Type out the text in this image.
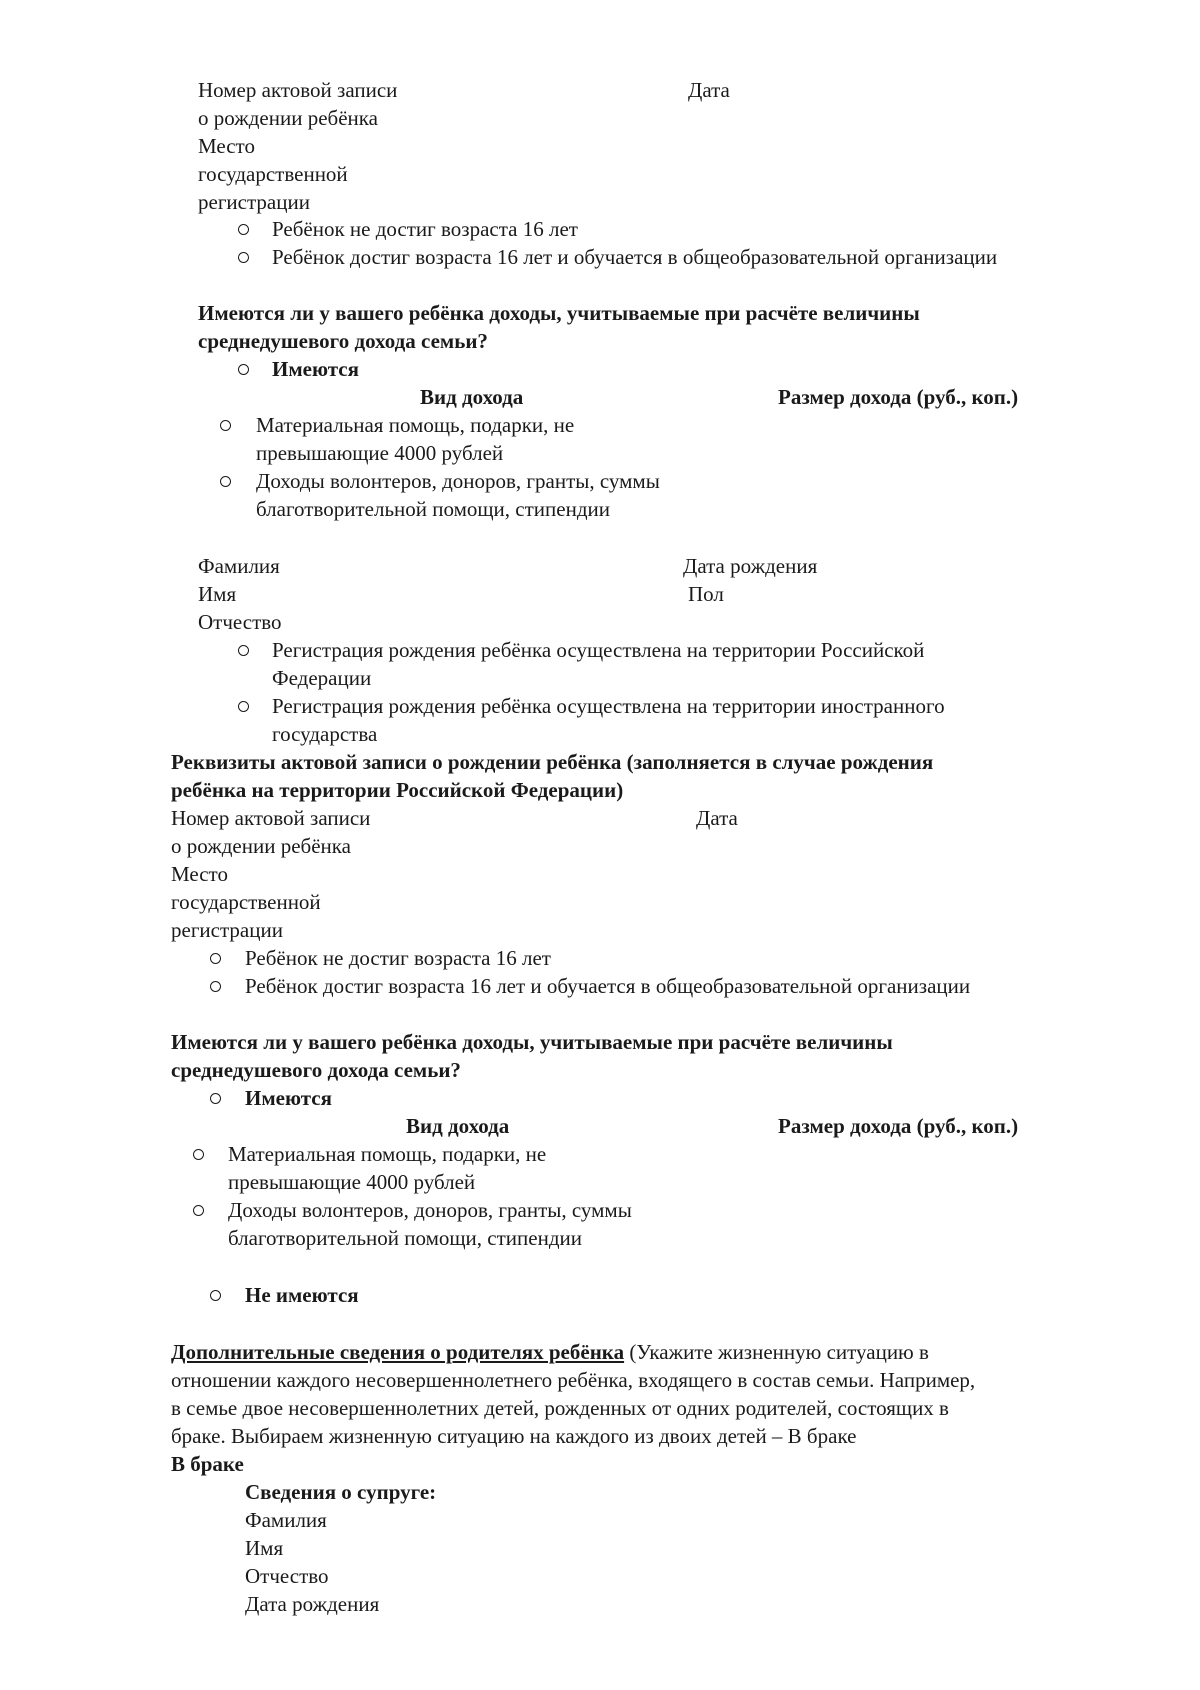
Номер актовой записи	Дата
о рождении ребёнка
Место
государственной
регистрации
Ребёнок не достиг возраста 16 лет
Ребёнок достиг возраста 16 лет и обучается в общеобразовательной организации
Имеются ли у вашего ребёнка доходы, учитываемые при расчёте величины
среднедушевого дохода семьи?
Имеются
Вид дохода	Размер дохода (руб., коп.)
Материальная помощь, подарки, не
превышающие 4000 рублей
Доходы волонтеров, доноров, гранты, суммы
благотворительной помощи, стипендии
Фамилия	Дата рождения
Имя	Пол
Отчество
Регистрация рождения ребёнка осуществлена на территории Российской
Федерации
Регистрация рождения ребёнка осуществлена на территории иностранного
государства
Реквизиты актовой записи о рождении ребёнка (заполняется в случае рождения
ребёнка на территории Российской Федерации)
Номер актовой записи	Дата
о рождении ребёнка
Место
государственной
регистрации
Ребёнок не достиг возраста 16 лет
Ребёнок достиг возраста 16 лет и обучается в общеобразовательной организации
Имеются ли у вашего ребёнка доходы, учитываемые при расчёте величины
среднедушевого дохода семьи?
Имеются
Вид дохода	Размер дохода (руб., коп.)
Материальная помощь, подарки, не
превышающие 4000 рублей
Доходы волонтеров, доноров, гранты, суммы
благотворительной помощи, стипендии
Не имеются
Дополнительные сведения о родителях ребёнка (Укажите жизненную ситуацию в
отношении каждого несовершеннолетнего ребёнка, входящего в состав семьи. Например,
в семье двое несовершеннолетних детей, рожденных от одних родителей, состоящих в
браке. Выбираем жизненную ситуацию на каждого из двоих детей – В браке
В браке
Сведения о супруге:
Фамилия
Имя
Отчество
Дата рождения
